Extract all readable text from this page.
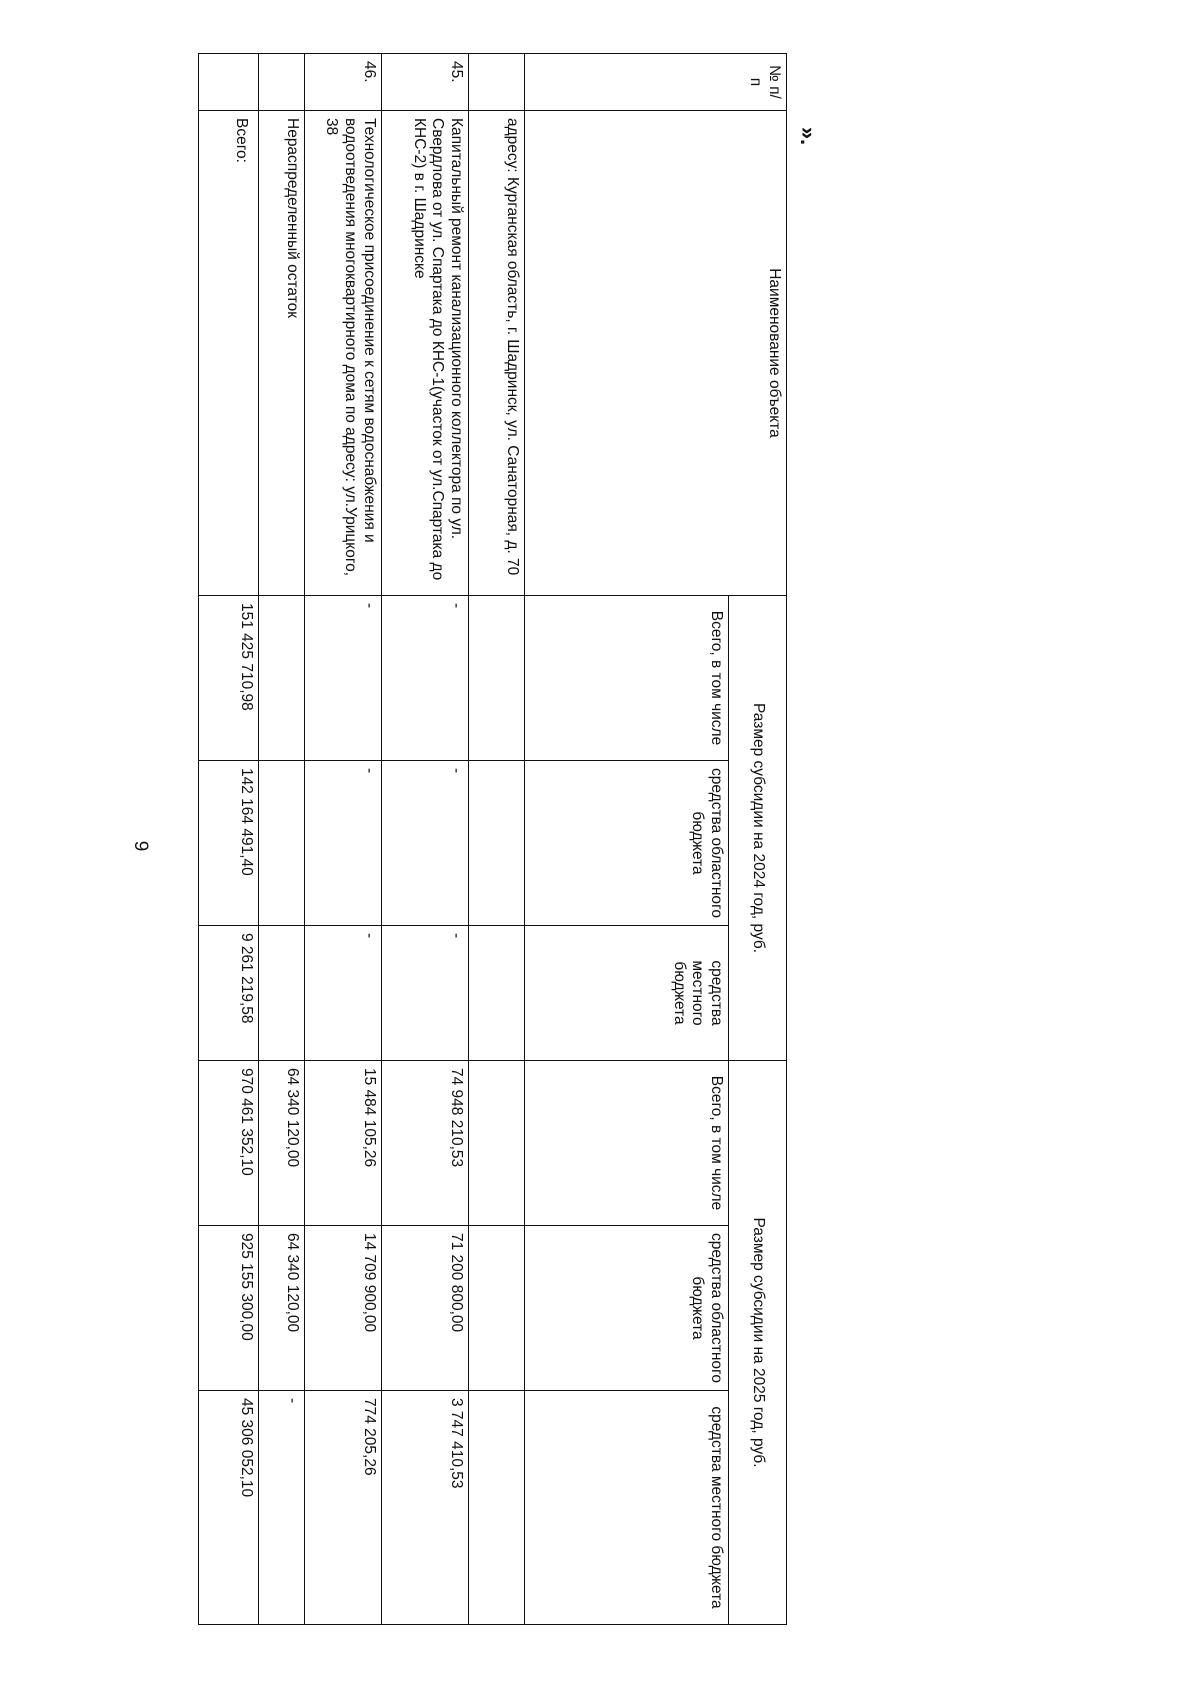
9
».
№ п/п	Наименование объекта	Размер субсидии на 2024 год, руб.			Размер субсидии на 2025 год, руб.		
		Всего, в том числе	средства областного бюджета	средства местного бюджета	Всего, в том числе	средства областного бюджета	средства местного бюджета
	адресу: Курганская область, г. Шадринск, ул. Санаторная, д. 70						
45.	Капитальный ремонт канализационного коллектора по ул. Свердлова от ул. Спартака до КНС-1(участок от ул.Спартака до КНС-2) в г. Шадринске	-	-	-	74 948 210,53	71 200 800,00	3 747 410,53
46.	Технологическое присоединение к сетям водоснабжения и водоотведения многоквартирного дома по адресу: ул.Урицкого, 38	-	-	-	15 484 105,26	14 709 900,00	774 205,26
	Нераспределенный остаток				64 340 120,00	64 340 120,00	-
	Всего:	151 425 710,98	142 164 491,40	9 261 219,58	970 461 352,10	925 155 300,00	45 306 052,10
